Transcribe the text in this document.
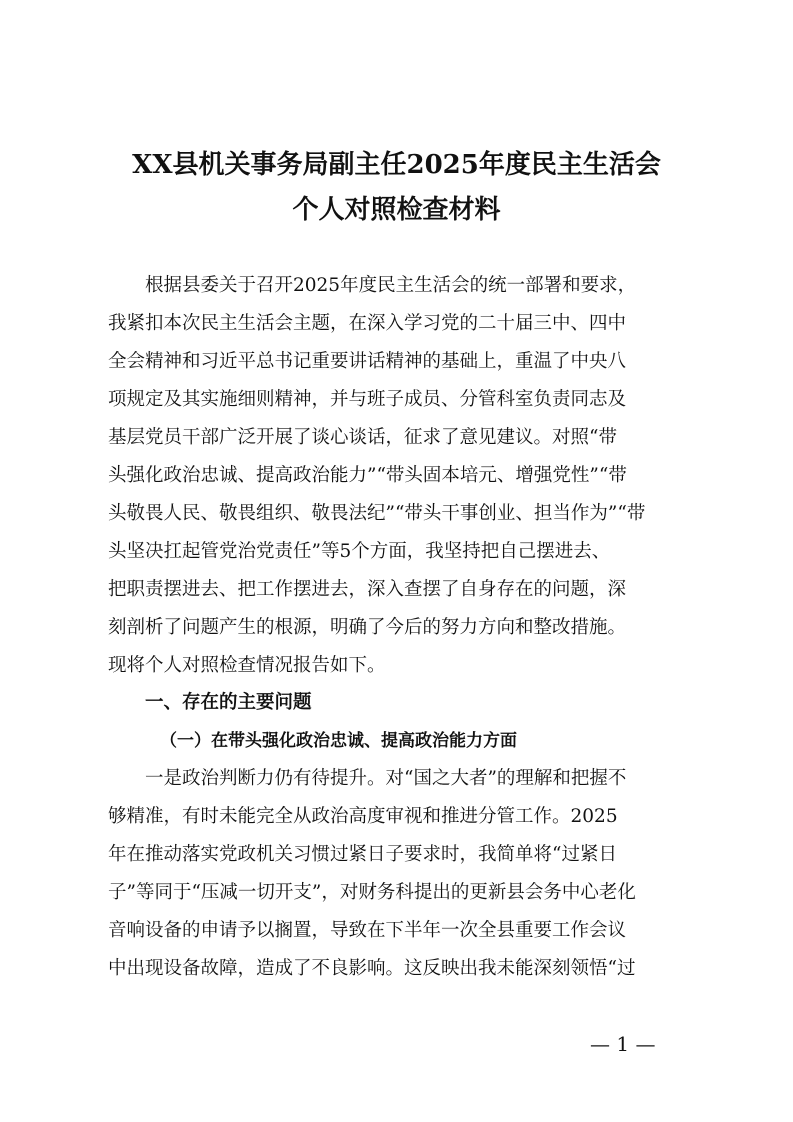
XX县机关事务局副主任2025年度民主生活会
个人对照检查材料
根据县委关于召开2025年度民主生活会的统一部署和要求，
我紧扣本次民主生活会主题，在深入学习党的二十届三中、四中
全会精神和习近平总书记重要讲话精神的基础上，重温了中央八
项规定及其实施细则精神，并与班子成员、分管科室负责同志及
基层党员干部广泛开展了谈心谈话，征求了意见建议。对照“带
头强化政治忠诚、提高政治能力”“带头固本培元、增强党性”“带
头敬畏人民、敬畏组织、敬畏法纪”“带头干事创业、担当作为”“带
头坚决扛起管党治党责任”等5个方面，我坚持把自己摆进去、
把职责摆进去、把工作摆进去，深入查摆了自身存在的问题，深
刻剖析了问题产生的根源，明确了今后的努力方向和整改措施。
现将个人对照检查情况报告如下。
一、存在的主要问题
（一）在带头强化政治忠诚、提高政治能力方面
一是政治判断力仍有待提升。对“国之大者”的理解和把握不
够精准，有时未能完全从政治高度审视和推进分管工作。2025
年在推动落实党政机关习惯过紧日子要求时，我简单将“过紧日
子”等同于“压减一切开支”，对财务科提出的更新县会务中心老化
音响设备的申请予以搁置，导致在下半年一次全县重要工作会议
中出现设备故障，造成了不良影响。这反映出我未能深刻领悟“过
— 1 —
